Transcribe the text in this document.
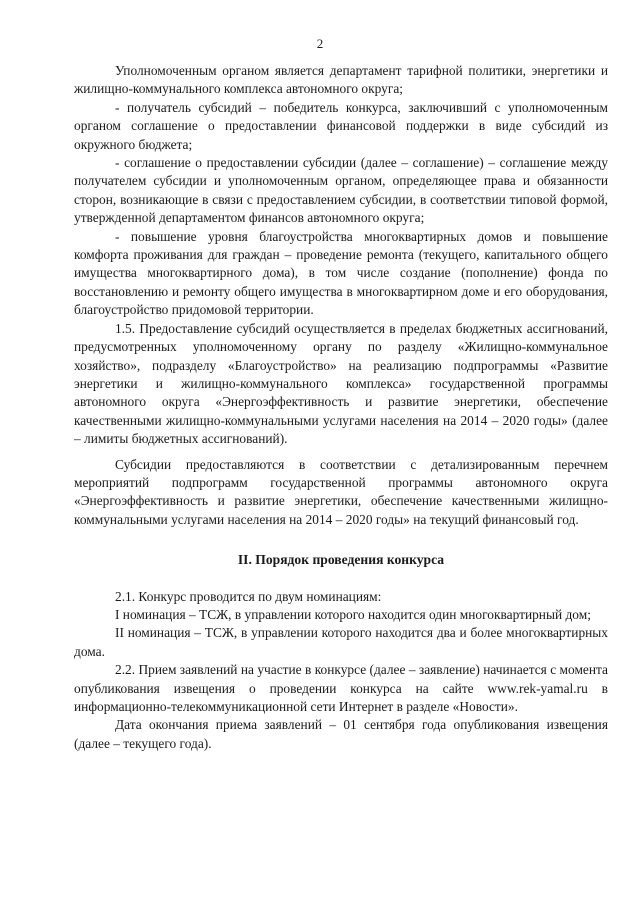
2

Уполномоченным органом является департамент тарифной политики, энергетики и жилищно-коммунального комплекса автономного округа;

- получатель субсидий – победитель конкурса, заключивший с уполномоченным органом соглашение о предоставлении финансовой поддержки в виде субсидий из окружного бюджета;

- соглашение о предоставлении субсидии (далее – соглашение) – соглашение между получателем субсидии и уполномоченным органом, определяющее права и обязанности сторон, возникающие в связи с предоставлением субсидии, в соответствии типовой формой, утвержденной департаментом финансов автономного округа;

- повышение уровня благоустройства многоквартирных домов и повышение комфорта проживания для граждан – проведение ремонта (текущего, капитального общего имущества многоквартирного дома), в том числе создание (пополнение) фонда по восстановлению и ремонту общего имущества в многоквартирном доме и его оборудования, благоустройство придомовой территории.

1.5. Предоставление субсидий осуществляется в пределах бюджетных ассигнований, предусмотренных уполномоченному органу по разделу «Жилищно-коммунальное хозяйство», подразделу «Благоустройство» на реализацию подпрограммы «Развитие энергетики и жилищно-коммунального комплекса» государственной программы автономного округа «Энергоэффективность и развитие энергетики, обеспечение качественными жилищно-коммунальными услугами населения на 2014 – 2020 годы» (далее – лимиты бюджетных ассигнований).

Субсидии предоставляются в соответствии с детализированным перечнем мероприятий подпрограмм государственной программы автономного округа «Энергоэффективность и развитие энергетики, обеспечение качественными жилищно-коммунальными услугами населения на 2014 – 2020 годы» на текущий финансовый год.

II. Порядок проведения конкурса

2.1. Конкурс проводится по двум номинациям:

I номинация – ТСЖ, в управлении которого находится один многоквартирный дом;

II номинация – ТСЖ, в управлении которого находится два и более многоквартирных дома.

2.2. Прием заявлений на участие в конкурсе (далее – заявление) начинается с момента опубликования извещения о проведении конкурса на сайте www.rek-yamal.ru в информационно-телекоммуникационной сети Интернет в разделе «Новости».

Дата окончания приема заявлений – 01 сентября года опубликования извещения (далее – текущего года).
